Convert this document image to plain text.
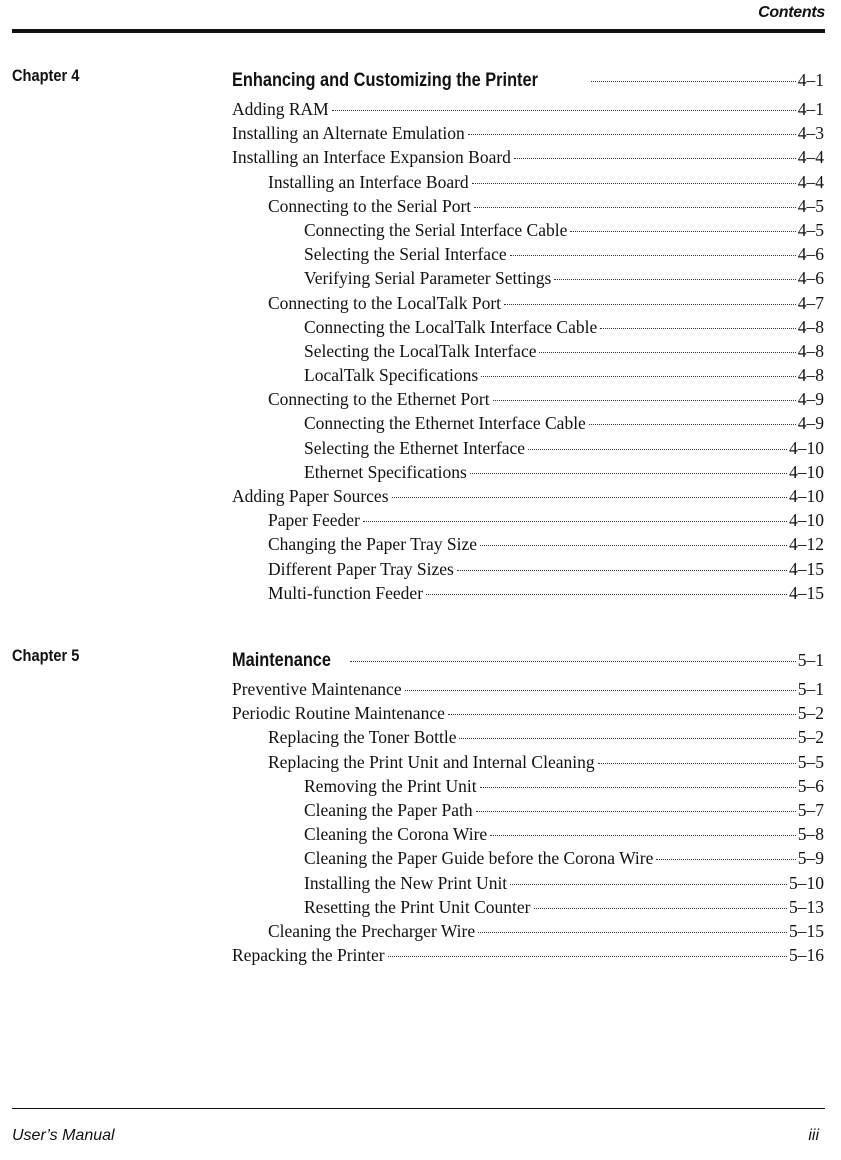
Contents
Chapter 4	Enhancing and Customizing the Printer	4–1
Adding RAM	4–1
Installing an Alternate Emulation	4–3
Installing an Interface Expansion Board	4–4
Installing an Interface Board	4–4
Connecting to the Serial Port	4–5
Connecting the Serial Interface Cable	4–5
Selecting the Serial Interface	4–6
Verifying Serial Parameter Settings	4–6
Connecting to the LocalTalk Port	4–7
Connecting the LocalTalk Interface Cable	4–8
Selecting the LocalTalk Interface	4–8
LocalTalk Specifications	4–8
Connecting to the Ethernet Port	4–9
Connecting the Ethernet Interface Cable	4–9
Selecting the Ethernet Interface	4–10
Ethernet Specifications	4–10
Adding Paper Sources	4–10
Paper Feeder	4–10
Changing the Paper Tray Size	4–12
Different Paper Tray Sizes	4–15
Multi-function Feeder	4–15
Chapter 5	Maintenance	5–1
Preventive Maintenance	5–1
Periodic Routine Maintenance	5–2
Replacing the Toner Bottle	5–2
Replacing the Print Unit and Internal Cleaning	5–5
Removing the Print Unit	5–6
Cleaning the Paper Path	5–7
Cleaning the Corona Wire	5–8
Cleaning the Paper Guide before the Corona Wire	5–9
Installing the New Print Unit	5–10
Resetting the Print Unit Counter	5–13
Cleaning the Precharger Wire	5–15
Repacking the Printer	5–16
User’s Manual	iii
